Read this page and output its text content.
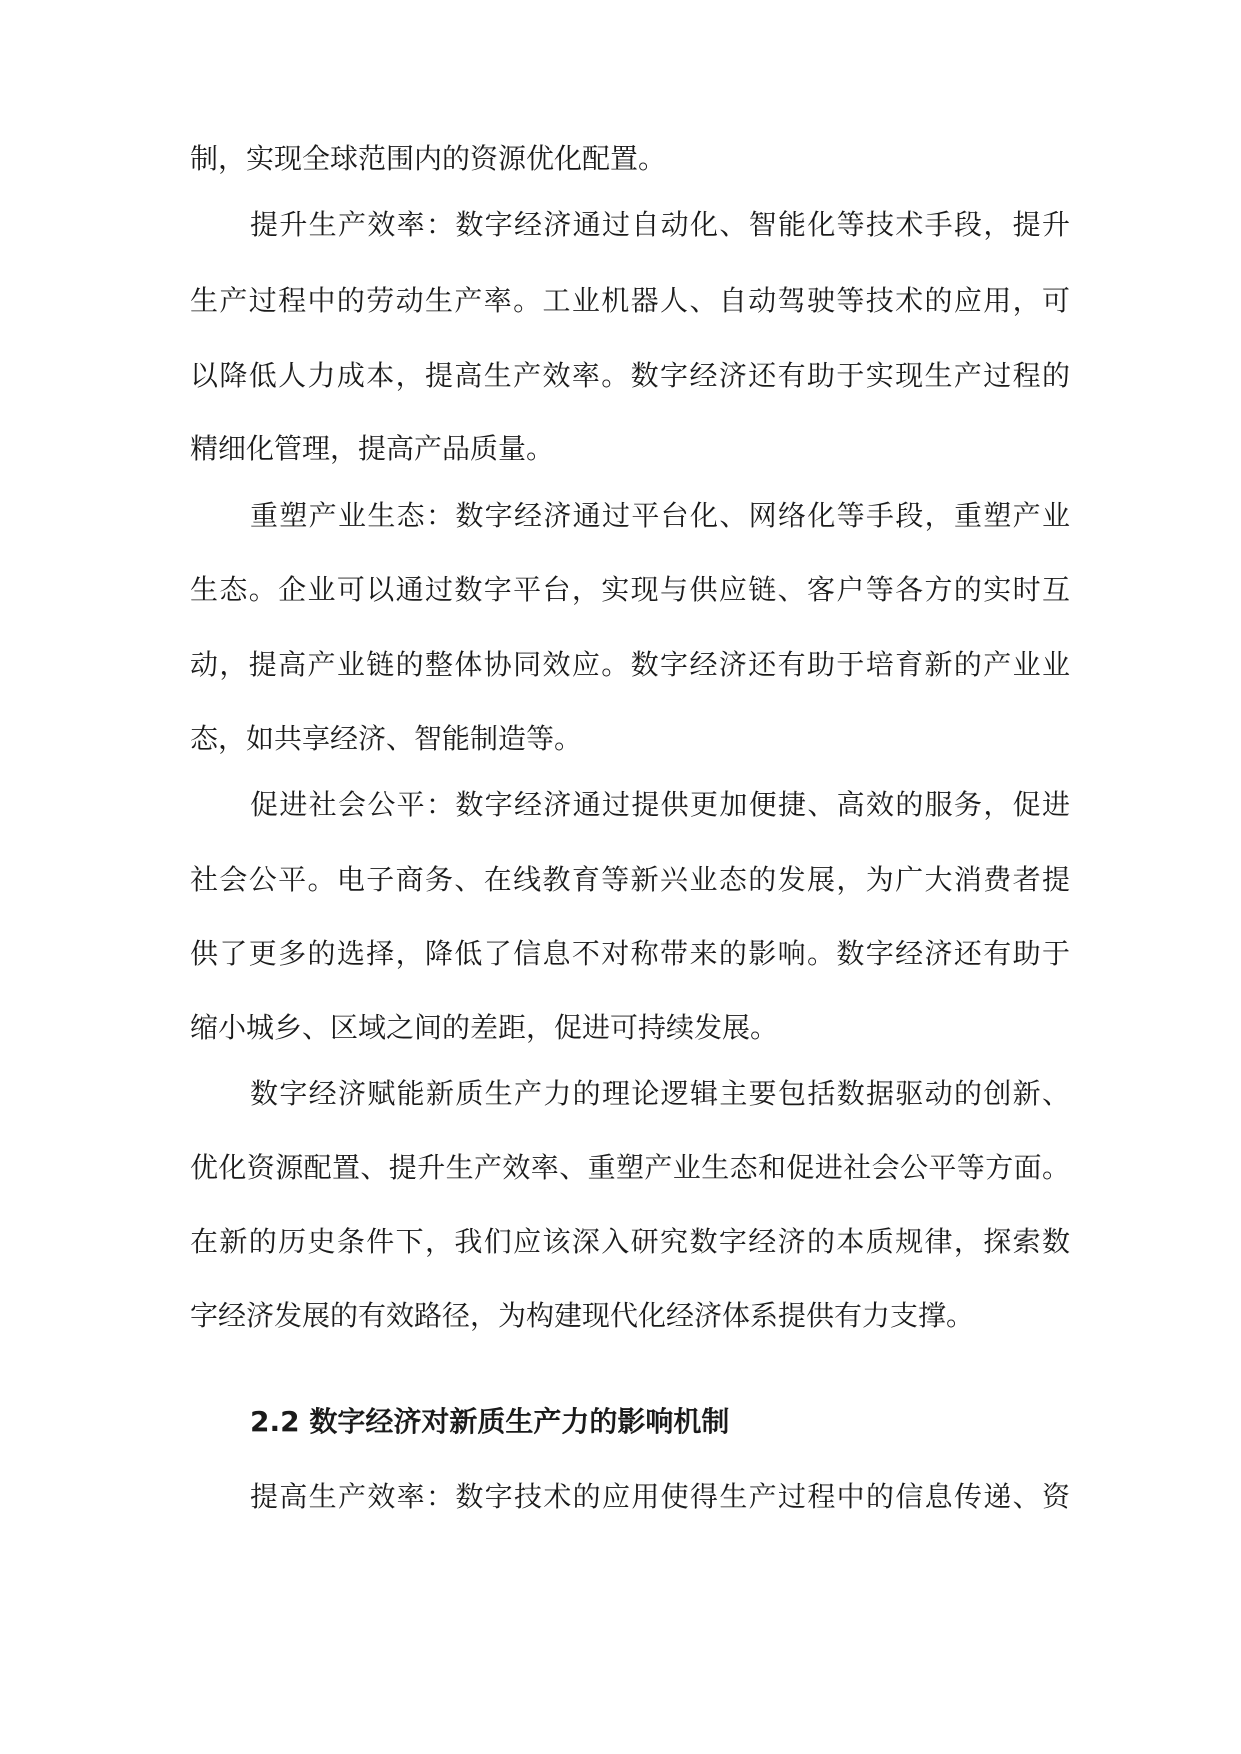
制，实现全球范围内的资源优化配置。
提升生产效率：数字经济通过自动化、智能化等技术手段，提升
生产过程中的劳动生产率。工业机器人、自动驾驶等技术的应用，可
以降低人力成本，提高生产效率。数字经济还有助于实现生产过程的
精细化管理，提高产品质量。
重塑产业生态：数字经济通过平台化、网络化等手段，重塑产业
生态。企业可以通过数字平台，实现与供应链、客户等各方的实时互
动，提高产业链的整体协同效应。数字经济还有助于培育新的产业业
态，如共享经济、智能制造等。
促进社会公平：数字经济通过提供更加便捷、高效的服务，促进
社会公平。电子商务、在线教育等新兴业态的发展，为广大消费者提
供了更多的选择，降低了信息不对称带来的影响。数字经济还有助于
缩小城乡、区域之间的差距，促进可持续发展。
数字经济赋能新质生产力的理论逻辑主要包括数据驱动的创新、
优化资源配置、提升生产效率、重塑产业生态和促进社会公平等方面。
在新的历史条件下，我们应该深入研究数字经济的本质规律，探索数
字经济发展的有效路径，为构建现代化经济体系提供有力支撑。
2.2 数字经济对新质生产力的影响机制
提高生产效率：数字技术的应用使得生产过程中的信息传递、资
